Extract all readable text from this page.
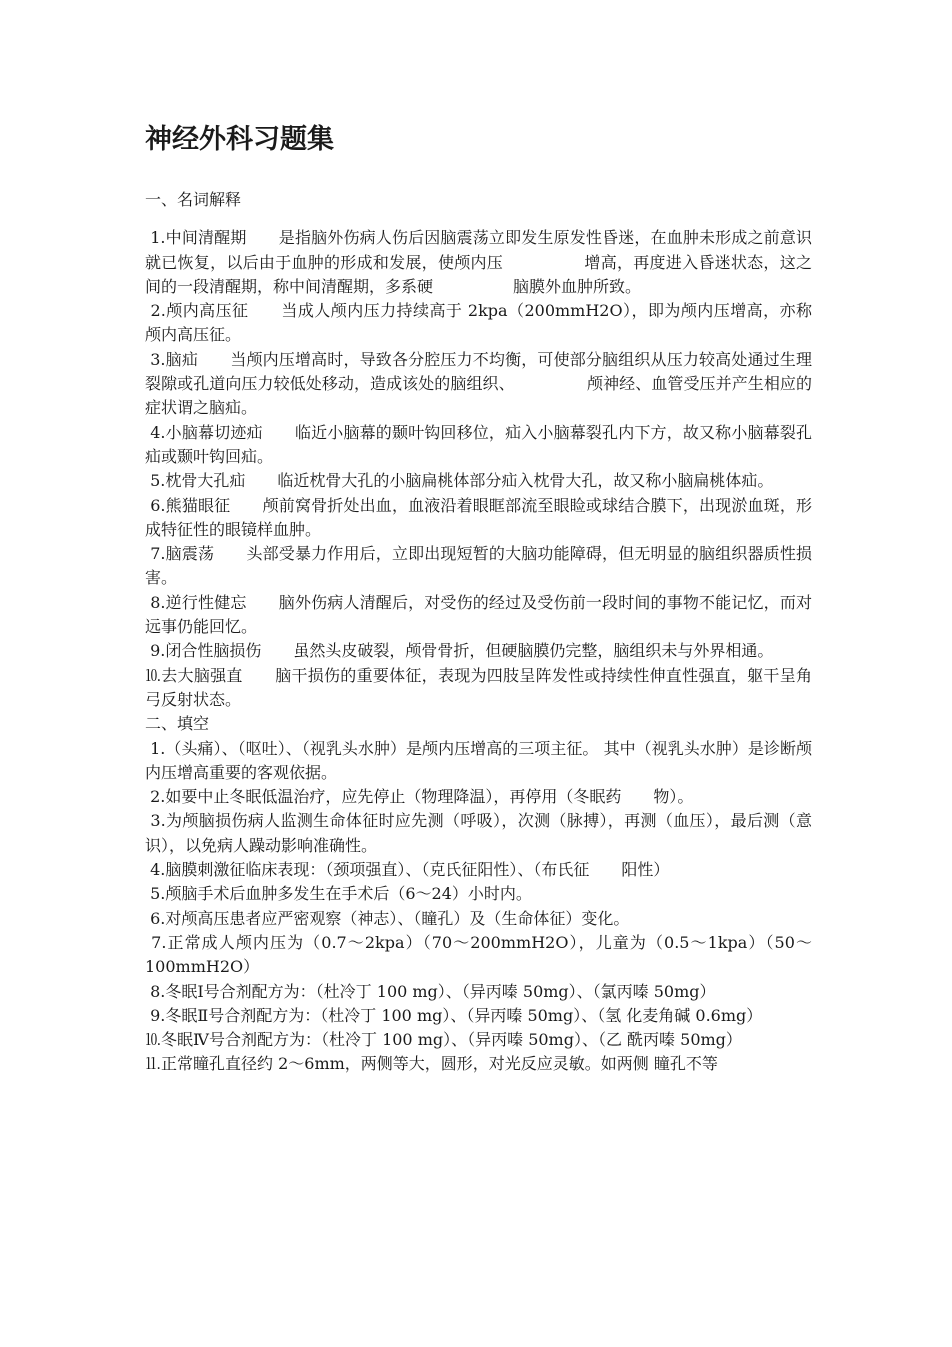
神经外科习题集

一、名词解释

1.中间清醒期　　是指脑外伤病人伤后因脑震荡立即发生原发性昏迷，在血肿未形成之前意识就已恢复，以后由于血肿的形成和发展，使颅内压　　　　　增高，再度进入昏迷状态，这之间的一段清醒期，称中间清醒期，多系硬　　　　　脑膜外血肿所致。

2.颅内高压征　　当成人颅内压力持续高于 2kpa（200mmH2O），即为颅内压增高，亦称颅内高压征。

3.脑疝　　当颅内压增高时，导致各分腔压力不均衡，可使部分脑组织从压力较高处通过生理裂隙或孔道向压力较低处移动，造成该处的脑组织、　　　　　颅神经、血管受压并产生相应的症状谓之脑疝。

4.小脑幕切迹疝　　临近小脑幕的颞叶钩回移位，疝入小脑幕裂孔内下方，故又称小脑幕裂孔疝或颞叶钩回疝。

5.枕骨大孔疝　　临近枕骨大孔的小脑扁桃体部分疝入枕骨大孔，故又称小脑扁桃体疝。

6.熊猫眼征　　颅前窝骨折处出血，血液沿着眼眶部流至眼睑或球结合膜下，出现淤血斑，形成特征性的眼镜样血肿。

7.脑震荡　　头部受暴力作用后，立即出现短暂的大脑功能障碍，但无明显的脑组织器质性损害。

8.逆行性健忘　　脑外伤病人清醒后，对受伤的经过及受伤前一段时间的事物不能记忆，而对远事仍能回忆。

9.闭合性脑损伤　　虽然头皮破裂，颅骨骨折，但硬脑膜仍完整，脑组织未与外界相通。

⒑去大脑强直　　脑干损伤的重要体征，表现为四肢呈阵发性或持续性伸直性强直，躯干呈角弓反射状态。

二、填空

1.（头痛）、（呕吐）、（视乳头水肿）是颅内压增高的三项主征。 其中（视乳头水肿）是诊断颅内压增高重要的客观依据。

2.如要中止冬眠低温治疗，应先停止（物理降温），再停用（冬眠药　　物）。

3.为颅脑损伤病人监测生命体征时应先测（呼吸），次测（脉搏），再测（血压），最后测（意识），以免病人躁动影响准确性。

4.脑膜刺激征临床表现：（颈项强直）、（克氏征阳性）、（布氏征　　阳性）

5.颅脑手术后血肿多发生在手术后（6～24）小时内。

6.对颅高压患者应严密观察（神志）、（瞳孔）及（生命体征）变化。

7.正常成人颅内压为（0.7～2kpa）（70～200mmH2O），儿童为（0.5～1kpa）（50～100mmH2O）

8.冬眠Ⅰ号合剂配方为：（杜冷丁 100 mg）、（异丙嗪 50mg）、（氯丙嗪 50mg）

9.冬眠Ⅱ号合剂配方为：（杜冷丁 100 mg）、（异丙嗪 50mg）、（氢 化麦角碱 0.6mg）

⒑冬眠Ⅳ号合剂配方为：（杜冷丁 100 mg）、（异丙嗪 50mg）、（乙 酰丙嗪 50mg）

⒒正常瞳孔直径约 2～6mm，两侧等大，圆形，对光反应灵敏。如两侧 瞳孔不等
